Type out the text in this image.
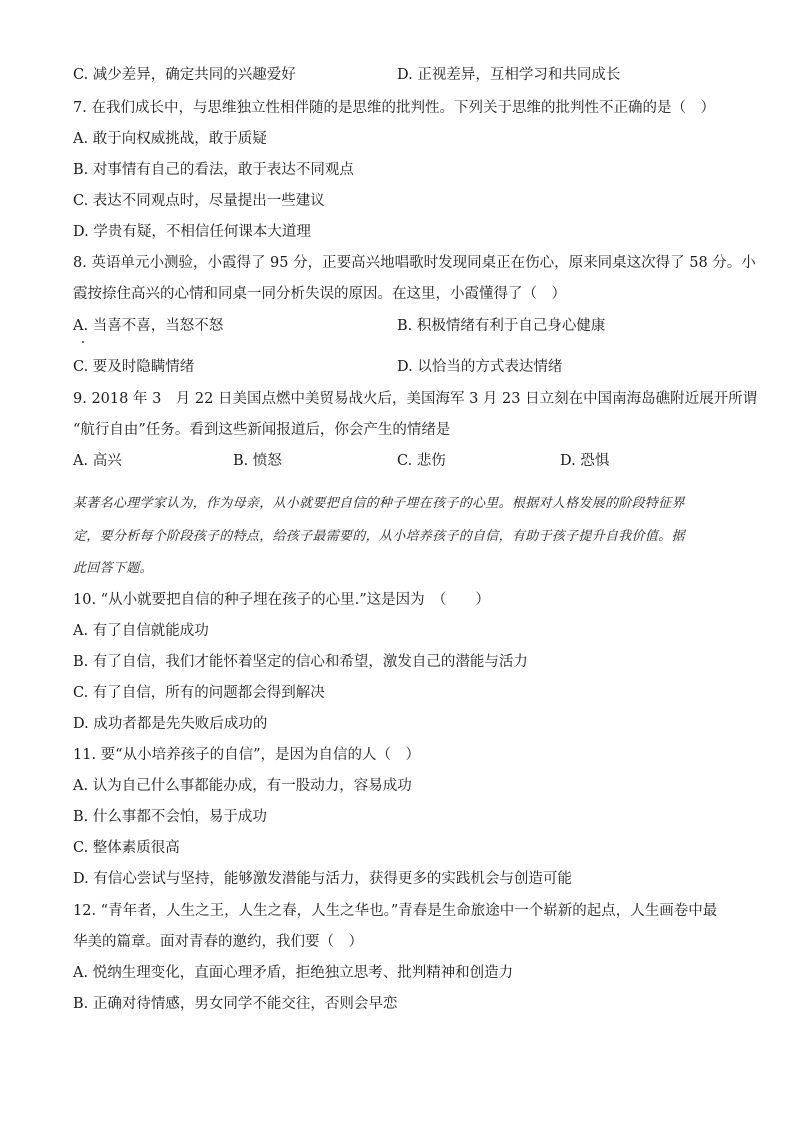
C. 减少差异，确定共同的兴趣爱好	D. 正视差异，互相学习和共同成长
7. 在我们成长中，与思维独立性相伴随的是思维的批判性。下列关于思维的批判性不正确的是（　）
A. 敢于向权威挑战，敢于质疑
B. 对事情有自己的看法，敢于表达不同观点
C. 表达不同观点时，尽量提出一些建议
D. 学贵有疑，不相信任何课本大道理
8. 英语单元小测验，小霞得了 95 分，正要高兴地唱歌时发现同桌正在伤心，原来同桌这次得了 58 分。小
霞按捺住高兴的心情和同桌一同分析失误的原因。在这里，小霞懂得了（　）
A. 当喜不喜，当怒不怒	B. 积极情绪有利于自己身心健康
C. 要及时隐瞒情绪	D. 以恰当的方式表达情绪
9. 2018 年 3　月 22 日美国点燃中美贸易战火后，美国海军 3 月 23 日立刻在中国南海岛礁附近展开所谓
“航行自由”任务。看到这些新闻报道后，你会产生的情绪是
A. 高兴	B. 愤怒	C. 悲伤	D. 恐惧
某著名心理学家认为，作为母亲，从小就要把自信的种子埋在孩子的心里。根据对人格发展的阶段特征界
定，要分析每个阶段孩子的特点，给孩子最需要的，从小培养孩子的自信，有助于孩子提升自我价值。据
此回答下题。
10. “从小就要把自信的种子埋在孩子的心里.”这是因为　（　　）
A. 有了自信就能成功
B. 有了自信，我们才能怀着坚定的信心和希望，激发自己的潜能与活力
C. 有了自信，所有的问题都会得到解决
D. 成功者都是先失败后成功的
11. 要“从小培养孩子的自信”，是因为自信的人（　）
A. 认为自己什么事都能办成，有一股动力，容易成功
B. 什么事都不会怕，易于成功
C. 整体素质很高
D. 有信心尝试与坚持，能够激发潜能与活力，获得更多的实践机会与创造可能
12. “青年者，人生之王，人生之春，人生之华也。”青春是生命旅途中一个崭新的起点，人生画卷中最
华美的篇章。面对青春的邀约，我们要（　）
A. 悦纳生理变化，直面心理矛盾，拒绝独立思考、批判精神和创造力
B. 正确对待情感，男女同学不能交往，否则会早恋
